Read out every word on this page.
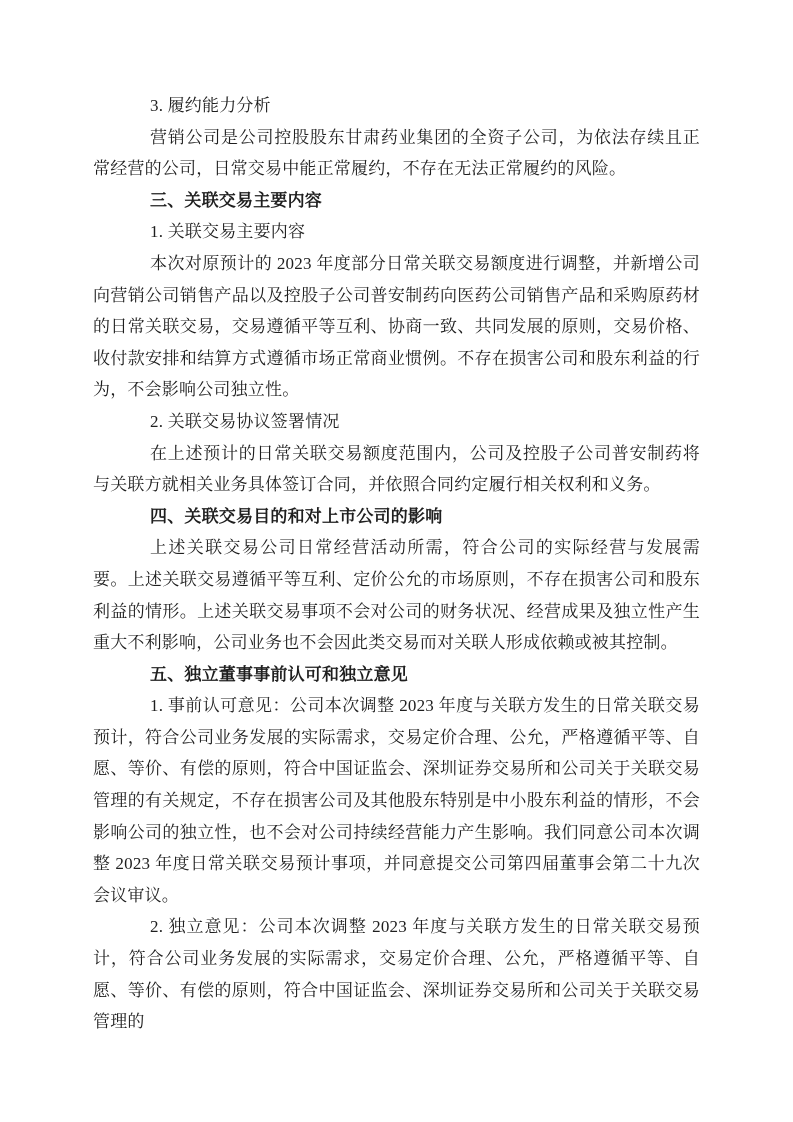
3. 履约能力分析

营销公司是公司控股股东甘肃药业集团的全资子公司，为依法存续且正常经营的公司，日常交易中能正常履约，不存在无法正常履约的风险。

三、关联交易主要内容

1. 关联交易主要内容

本次对原预计的 2023 年度部分日常关联交易额度进行调整，并新增公司向营销公司销售产品以及控股子公司普安制药向医药公司销售产品和采购原药材的日常关联交易，交易遵循平等互利、协商一致、共同发展的原则，交易价格、收付款安排和结算方式遵循市场正常商业惯例。不存在损害公司和股东利益的行为，不会影响公司独立性。

2. 关联交易协议签署情况

在上述预计的日常关联交易额度范围内，公司及控股子公司普安制药将与关联方就相关业务具体签订合同，并依照合同约定履行相关权利和义务。

四、关联交易目的和对上市公司的影响

上述关联交易公司日常经营活动所需，符合公司的实际经营与发展需要。上述关联交易遵循平等互利、定价公允的市场原则，不存在损害公司和股东利益的情形。上述关联交易事项不会对公司的财务状况、经营成果及独立性产生重大不利影响，公司业务也不会因此类交易而对关联人形成依赖或被其控制。

五、独立董事事前认可和独立意见

1. 事前认可意见：公司本次调整 2023 年度与关联方发生的日常关联交易预计，符合公司业务发展的实际需求，交易定价合理、公允，严格遵循平等、自愿、等价、有偿的原则，符合中国证监会、深圳证券交易所和公司关于关联交易管理的有关规定，不存在损害公司及其他股东特别是中小股东利益的情形，不会影响公司的独立性，也不会对公司持续经营能力产生影响。我们同意公司本次调整 2023 年度日常关联交易预计事项，并同意提交公司第四届董事会第二十九次会议审议。

2. 独立意见：公司本次调整 2023 年度与关联方发生的日常关联交易预计，符合公司业务发展的实际需求，交易定价合理、公允，严格遵循平等、自愿、等价、有偿的原则，符合中国证监会、深圳证券交易所和公司关于关联交易管理的
